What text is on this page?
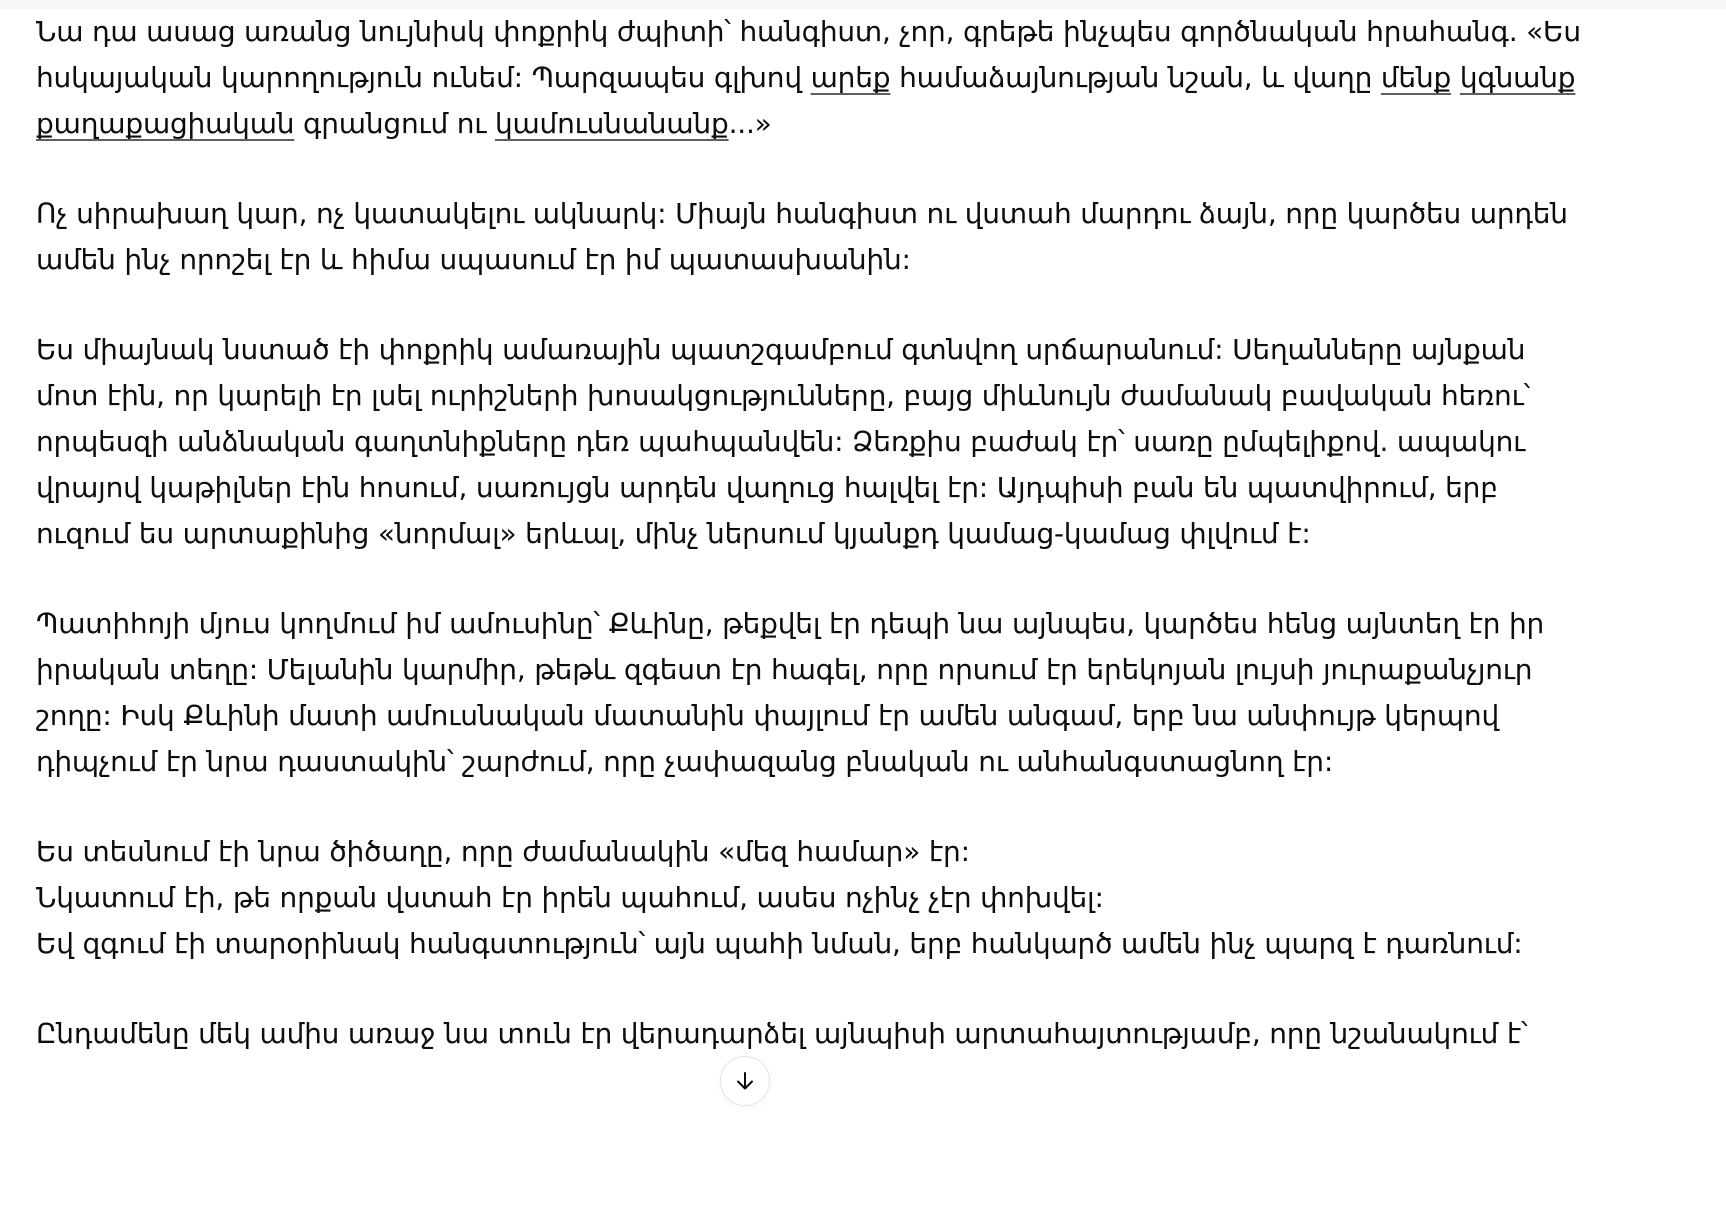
Նա դա ասաց առանց նույնիսկ փոքրիկ ժպիտի՝ հանգիստ, չոր, գրեթե ինչպես գործնական հրահանգ. «Ես հսկայական կարողություն ունեմ: Պարզապես գլխով արեք համաձայնության նշան, և վաղը մենք կգնանք քաղաքացիական գրանցում ու կամուսնանանք...»

Ոչ սիրախաղ կար, ոչ կատակելու ակնարկ: Միայն հանգիստ ու վստահ մարդու ձայն, որը կարծես արդեն ամեն ինչ որոշել էր և հիմա սպասում էր իմ պատասխանին:

Ես միայնակ նստած էի փոքրիկ ամառային պատշգամբում գտնվող սրճարանում: Սեղանները այնքան մոտ էին, որ կարելի էր լսել ուրիշների խոսակցությունները, բայց միևնույն ժամանակ բավական հեռու՝ որպեսզի անձնական գաղտնիքները դեռ պահպանվեն: Ձեռքիս բաժակ էր՝ սառը ըմպելիքով. ապակու վրայով կաթիլներ էին հոսում, սառույցն արդեն վաղուց հալվել էր: Այդպիսի բան են պատվիրում, երբ ուզում ես արտաքինից «նորմալ» երևալ, մինչ ներսում կյանքդ կամաց-կամաց փլվում է:

Պատիհոյի մյուս կողմում իմ ամուսինը՝ Քևինը, թեքվել էր դեպի նա այնպես, կարծես հենց այնտեղ էր իր իրական տեղը: Մելանին կարմիր, թեթև զգեստ էր հագել, որը որսում էր երեկոյան լույսի յուրաքանչյուր շողը: Իսկ Քևինի մատի ամուսնական մատանին փայլում էր ամեն անգամ, երբ նա անփույթ կերպով դիպչում էր նրա դաստակին՝ շարժում, որը չափազանց բնական ու անհանգստացնող էր:

Ես տեսնում էի նրա ծիծաղը, որը ժամանակին «մեզ համար» էր:
Նկատում էի, թե որքան վստահ էր իրեն պահում, ասես ոչինչ չէր փոխվել:
Եվ զգում էի տարօրինակ հանգստություն՝ այն պահի նման, երբ հանկարծ ամեն ինչ պարզ է դառնում:

Ընդամենը մեկ ամիս առաջ նա տուն էր վերադարձել այնպիսի արտահայտությամբ, որը նշանակում է՝
